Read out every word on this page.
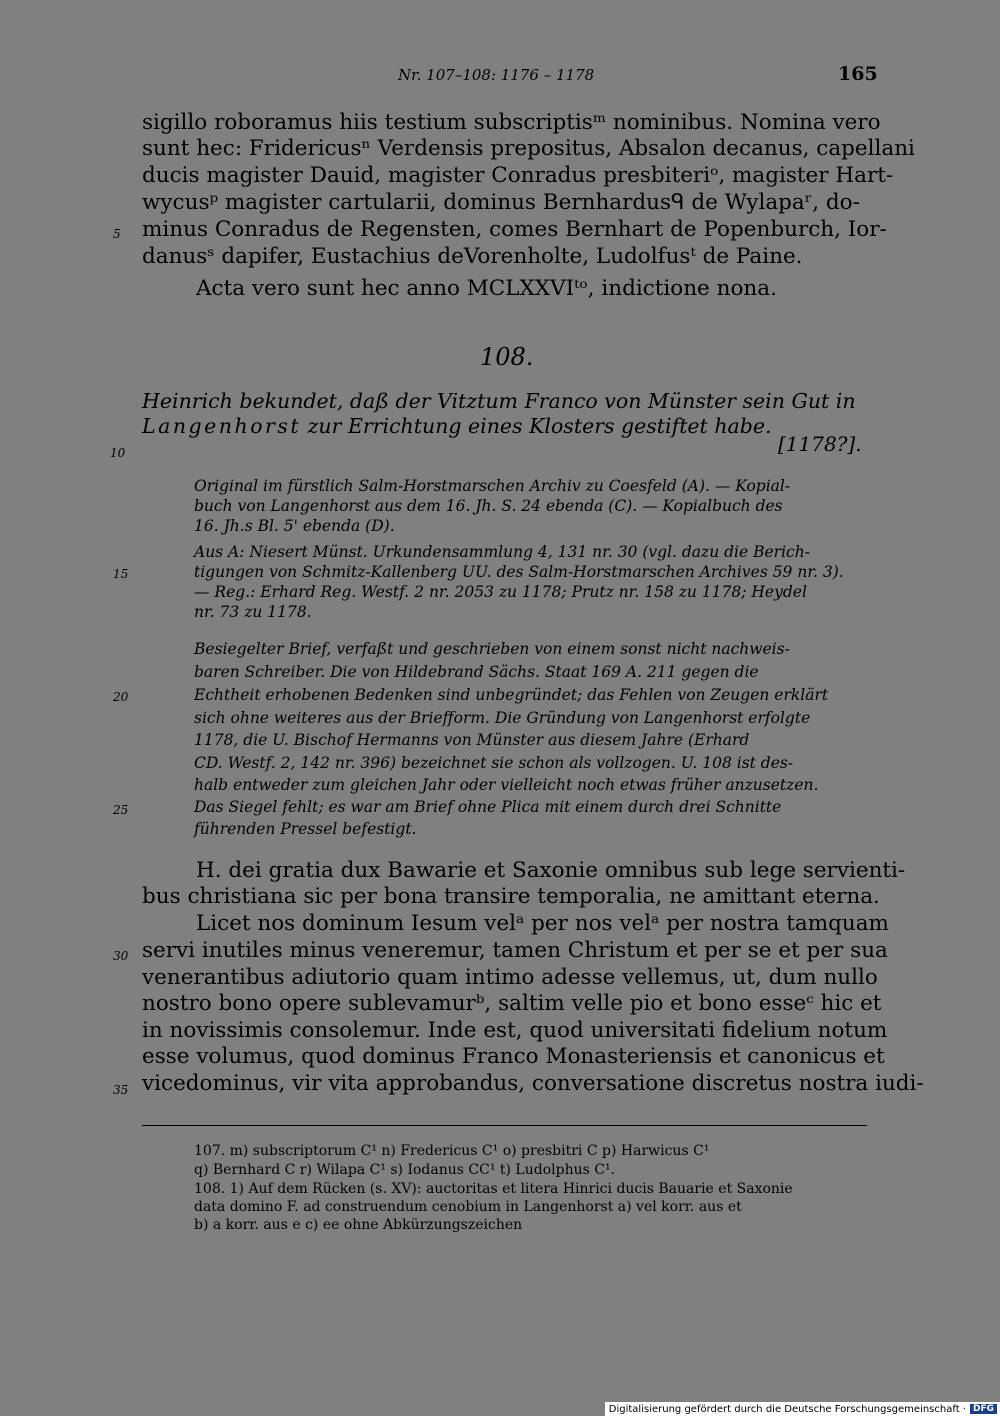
Nr. 107–108: 1176 – 1178	165
sigillo roboramus hiis testium subscriptisᵐ nominibus. Nomina vero
sunt hec: Fridericusⁿ Verdensis prepositus, Absalon decanus, capellani
ducis magister Dauid, magister Conradus presbiteriᵒ, magister Hart-
wycusᵖ magister cartularii, dominus Bernhardusᑫ de Wylapaʳ, do-
minus Conradus de Regensten, comes Bernhart de Popenburch, Ior-
danusˢ dapifer, Eustachius deVorenholte, Ludolfusᵗ de Paine.
Acta vero sunt hec anno MCLXXVIᵗᵒ, indictione nona.
5
10
15
20
25
30
35
108.
Heinrich bekundet, daß der Vitztum Franco von Münster sein Gut in
Langenhorst zur Errichtung eines Klosters gestiftet habe.
[1178?].
Original im fürstlich Salm-Horstmarschen Archiv zu Coesfeld (A). — Kopial-
buch von Langenhorst aus dem 16. Jh. S. 24 ebenda (C). — Kopialbuch des
16. Jh.s Bl. 5' ebenda (D).
Aus A: Niesert Münst. Urkundensammlung 4, 131 nr. 30 (vgl. dazu die Berich-
tigungen von Schmitz-Kallenberg UU. des Salm-Horstmarschen Archives 59 nr. 3).
— Reg.: Erhard Reg. Westf. 2 nr. 2053 zu 1178; Prutz nr. 158 zu 1178; Heydel
nr. 73 zu 1178.
Besiegelter Brief, verfaßt und geschrieben von einem sonst nicht nachweis-
baren Schreiber. Die von Hildebrand Sächs. Staat 169 A. 211 gegen die
Echtheit erhobenen Bedenken sind unbegründet; das Fehlen von Zeugen erklärt
sich ohne weiteres aus der Briefform. Die Gründung von Langenhorst erfolgte
1178, die U. Bischof Hermanns von Münster aus diesem Jahre (Erhard
CD. Westf. 2, 142 nr. 396) bezeichnet sie schon als vollzogen. U. 108 ist des-
halb entweder zum gleichen Jahr oder vielleicht noch etwas früher anzusetzen.
Das Siegel fehlt; es war am Brief ohne Plica mit einem durch drei Schnitte
führenden Pressel befestigt.
H. dei gratia dux Bawarie et Saxonie omnibus sub lege servienti-
bus christiana sic per bona transire temporalia, ne amittant eterna.
Licet nos dominum Iesum velᵃ per nos velᵃ per nostra tamquam
servi inutiles minus veneremur, tamen Christum et per se et per sua
venerantibus adiutorio quam intimo adesse vellemus, ut, dum nullo
nostro bono opere sublevamurᵇ, saltim velle pio et bono esseᶜ hic et
in novissimis consolemur. Inde est, quod universitati fidelium notum
esse volumus, quod dominus Franco Monasteriensis et canonicus et
vicedominus, vir vita approbandus, conversatione discretus nostra iudi-
107. m) subscriptorum C¹ n) Fredericus C¹ o) presbitri C p) Harwicus C¹
q) Bernhard C r) Wilapa C¹ s) Iodanus CC¹ t) Ludolphus C¹.
108. 1) Auf dem Rücken (s. XV): auctoritas et litera Hinrici ducis Bauarie et Saxonie
data domino F. ad construendum cenobium in Langenhorst a) vel korr. aus et
b) a korr. aus e c) ee ohne Abkürzungszeichen
Digitalisierung gefördert durch die Deutsche Forschungsgemeinschaft · DFG
